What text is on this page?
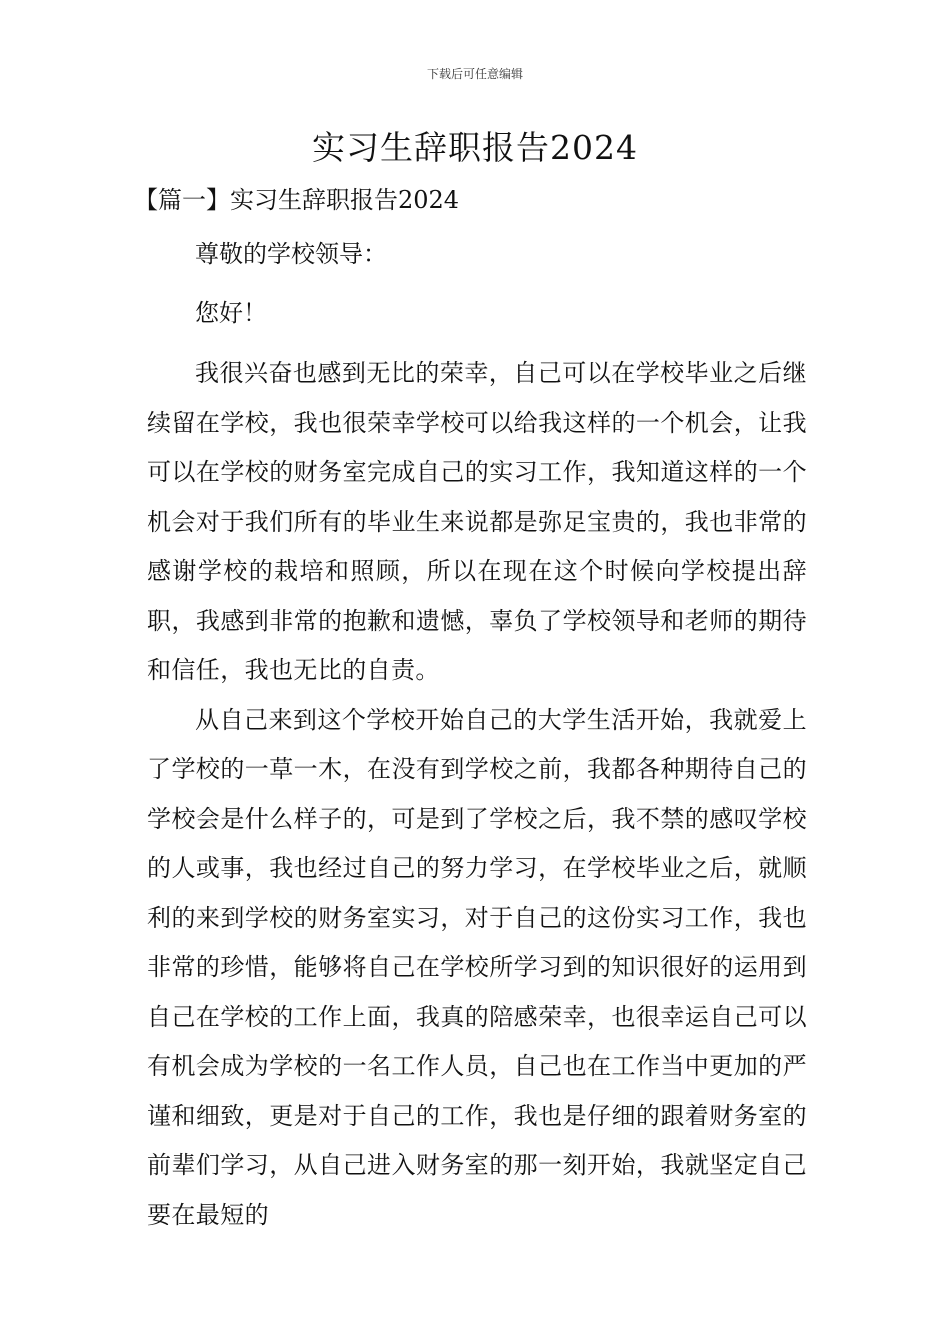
下载后可任意编辑
实习生辞职报告2024

【篇一】实习生辞职报告2024

尊敬的学校领导：

您好！

我很兴奋也感到无比的荣幸，自己可以在学校毕业之后继续留在学校，我也很荣幸学校可以给我这样的一个机会，让我可以在学校的财务室完成自己的实习工作，我知道这样的一个机会对于我们所有的毕业生来说都是弥足宝贵的，我也非常的感谢学校的栽培和照顾，所以在现在这个时候向学校提出辞职，我感到非常的抱歉和遗憾，辜负了学校领导和老师的期待和信任，我也无比的自责。

从自己来到这个学校开始自己的大学生活开始，我就爱上了学校的一草一木，在没有到学校之前，我都各种期待自己的学校会是什么样子的，可是到了学校之后，我不禁的感叹学校的人或事，我也经过自己的努力学习，在学校毕业之后，就顺利的来到学校的财务室实习，对于自己的这份实习工作，我也非常的珍惜，能够将自己在学校所学习到的知识很好的运用到自己在学校的工作上面，我真的陪感荣幸，也很幸运自己可以有机会成为学校的一名工作人员，自己也在工作当中更加的严谨和细致，更是对于自己的工作，我也是仔细的跟着财务室的前辈们学习，从自己进入财务室的那一刻开始，我就坚定自己要在最短的
